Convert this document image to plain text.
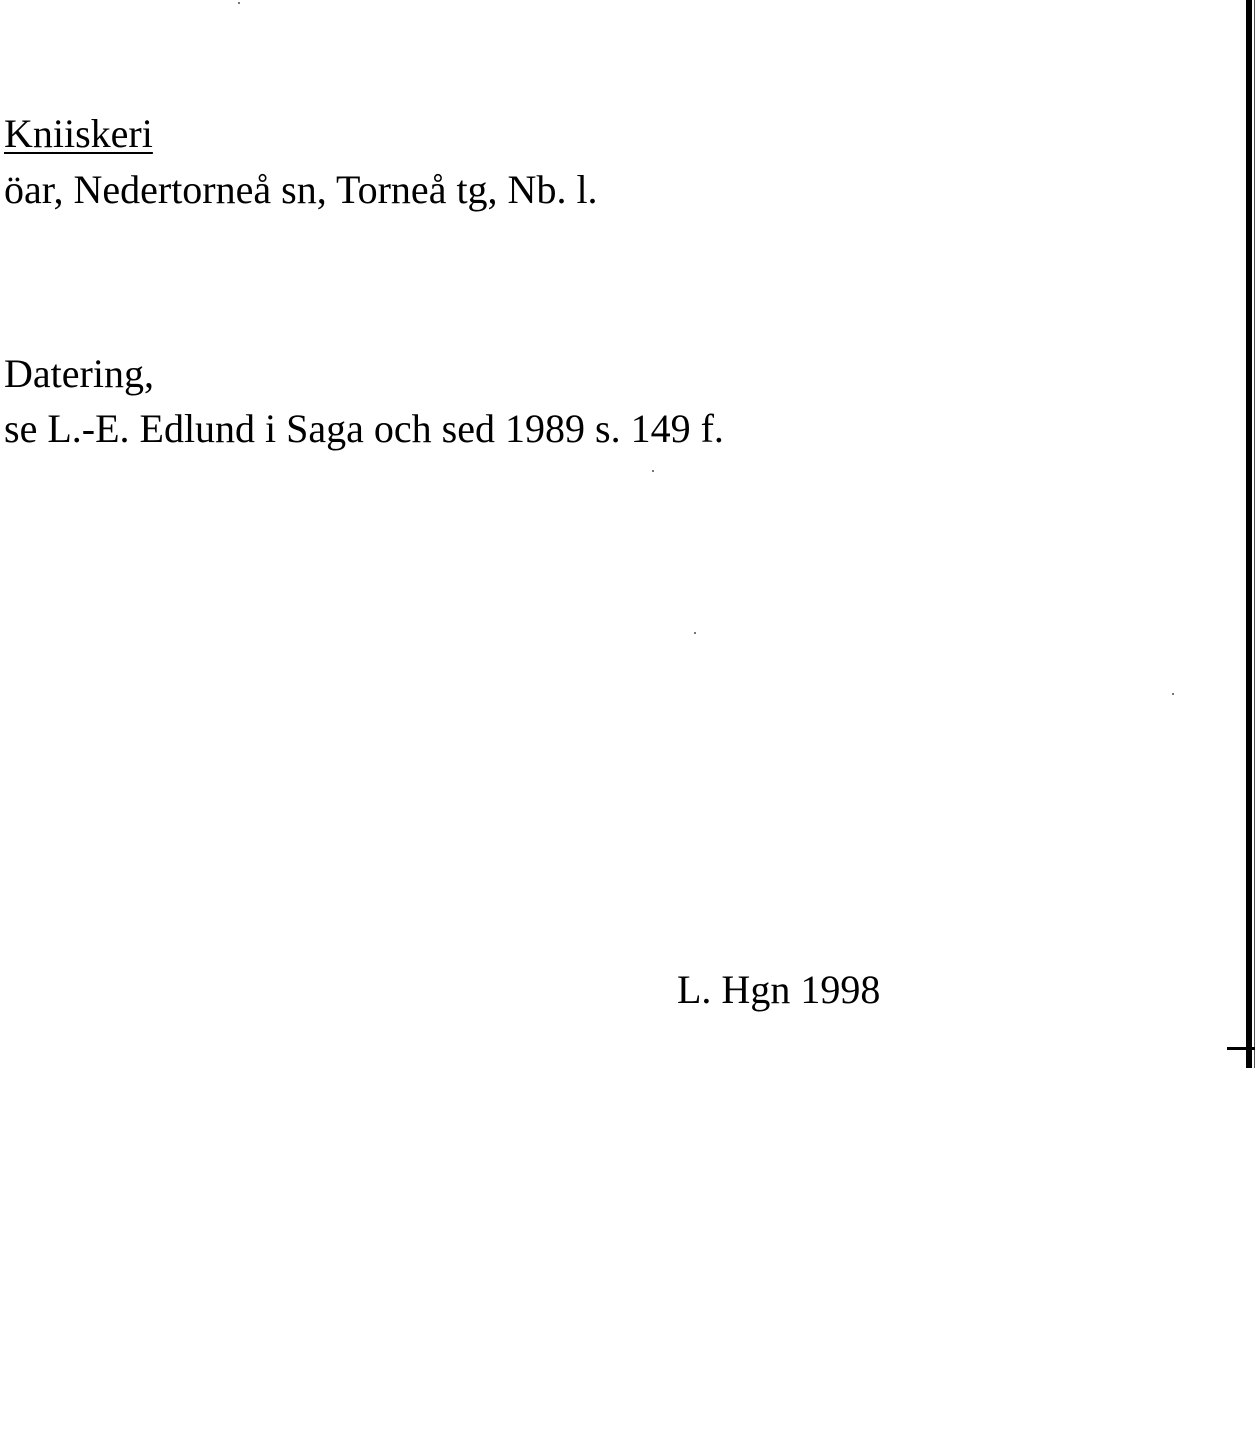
Kniiskeri

öar, Nedertorneå sn, Torneå tg, Nb. l.

Datering,

se L.-E. Edlund i Saga och sed 1989 s. 149 f.

L. Hgn 1998
